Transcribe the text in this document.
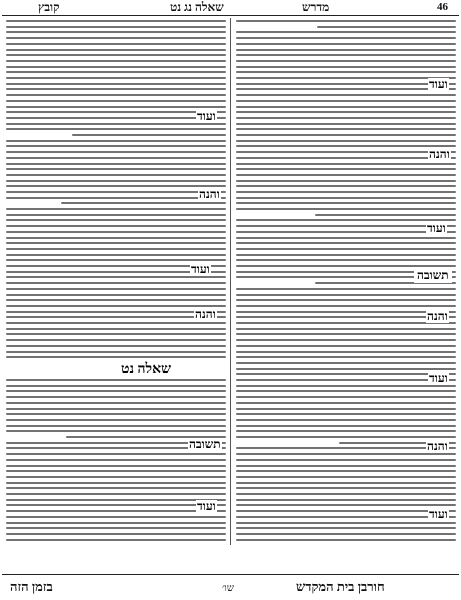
46
מדרש
שאלה נג נט
קובץ
ועוד
והנה
ועוד
והנה
שאלה נט
תשובה
ועוד
ועוד
והנה
ועוד
תשובה
והנה
ועוד
והנה
ועוד
חורבן בית המקדש
שו׳
בזמן הזה
